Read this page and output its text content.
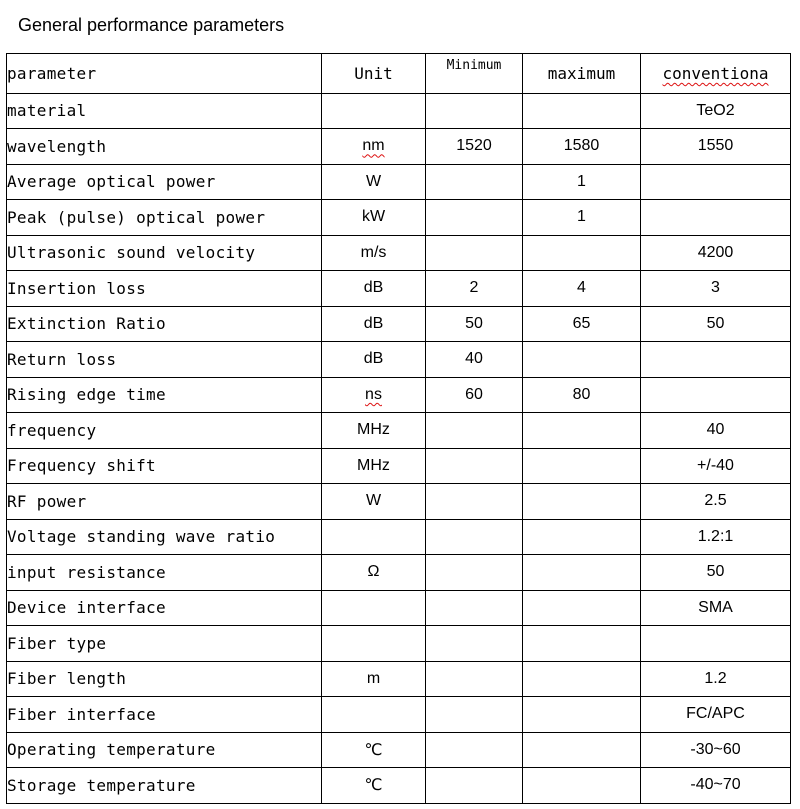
General performance parameters
parameter	Unit	Minimum	maximum	conventiona
material				TeO2
wavelength	nm	1520	1580	1550
Average optical power	W		1	
Peak (pulse) optical power	kW		1	
Ultrasonic sound velocity	m/s			4200
Insertion loss	dB	2	4	3
Extinction Ratio	dB	50	65	50
Return loss	dB	40		
Rising edge time	ns	60	80	
frequency	MHz			40
Frequency shift	MHz			+/-40
RF power	W			2.5
Voltage standing wave ratio				1.2:1
input resistance	Ω			50
Device interface				SMA
Fiber type				
Fiber length	m			1.2
Fiber interface				FC/APC
Operating temperature	℃			-30~60
Storage temperature	℃			-40~70
